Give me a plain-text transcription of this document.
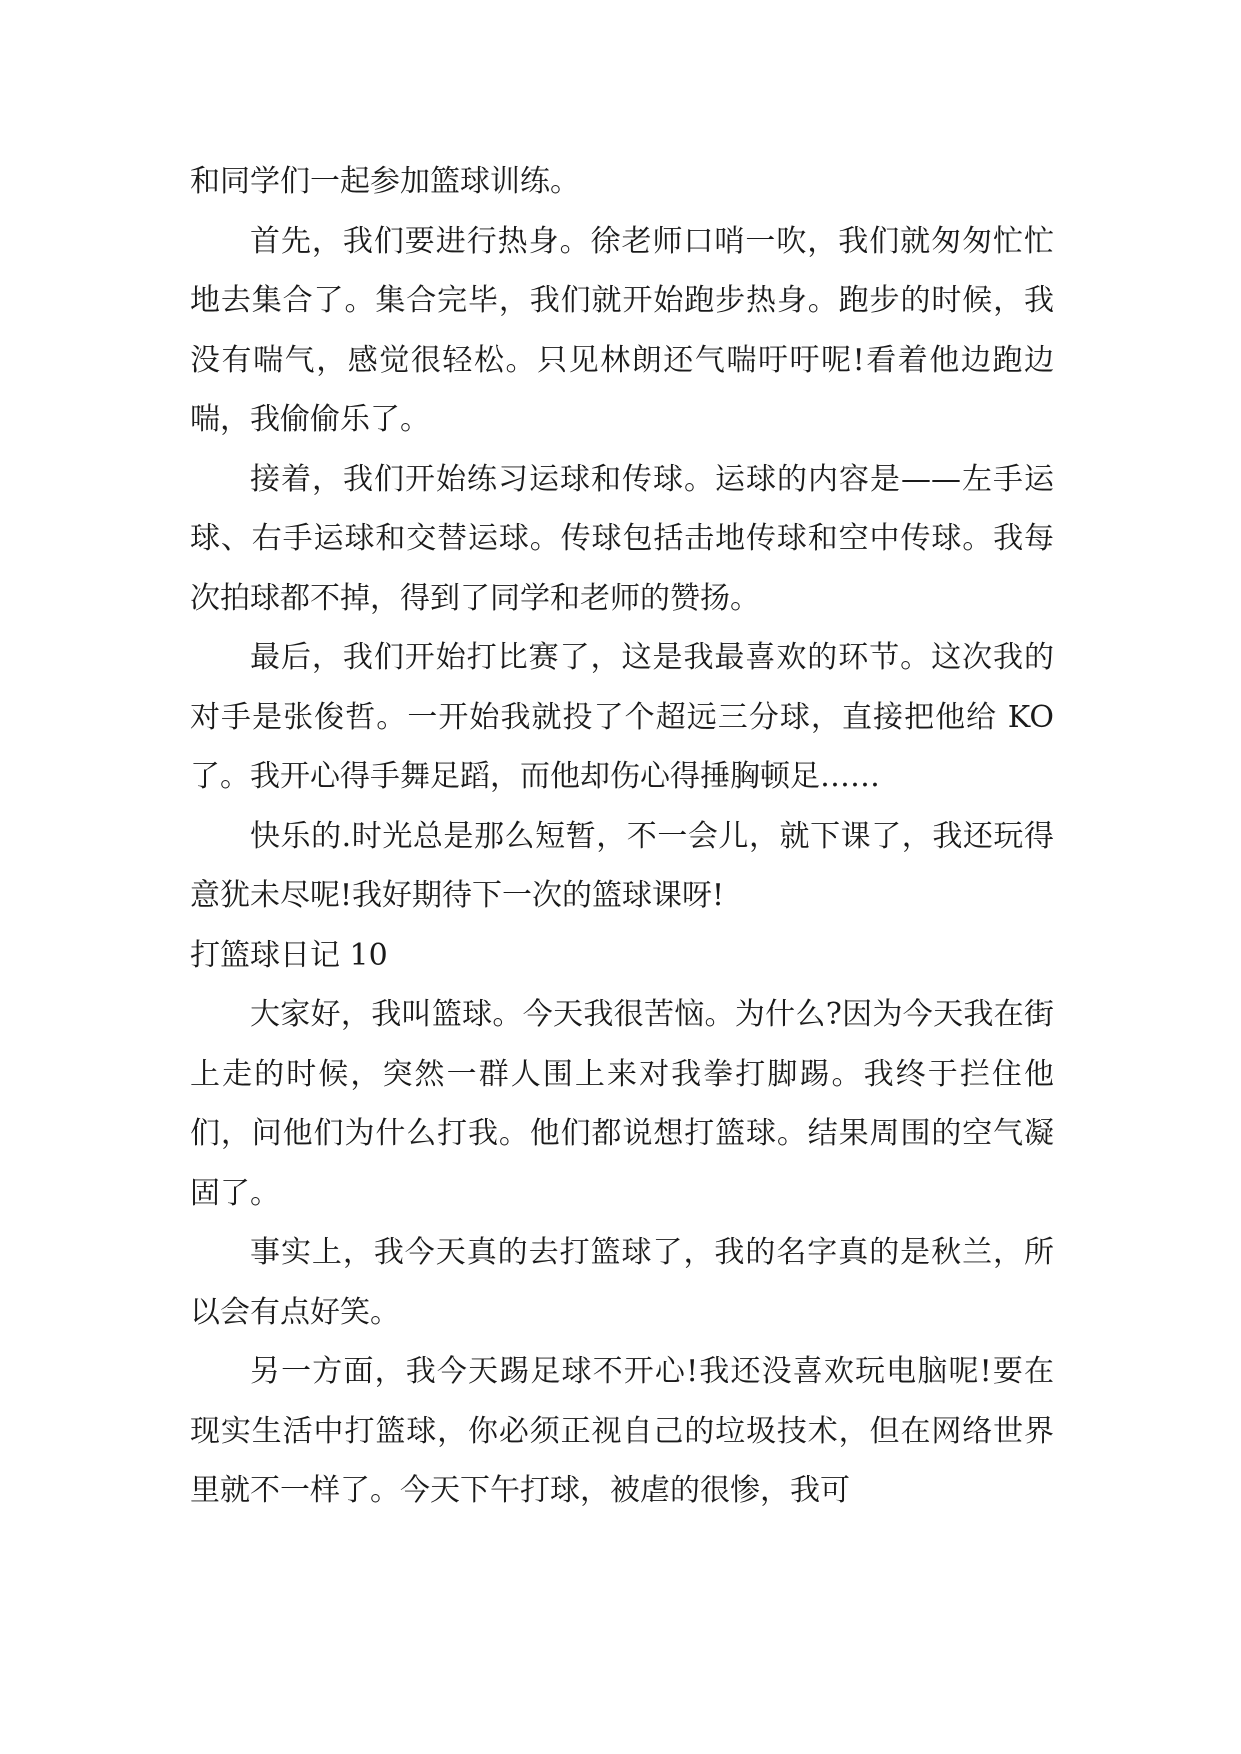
和同学们一起参加篮球训练。

首先，我们要进行热身。徐老师口哨一吹，我们就匆匆忙忙地去集合了。集合完毕，我们就开始跑步热身。跑步的时候，我没有喘气，感觉很轻松。只见林朗还气喘吁吁呢!看着他边跑边喘，我偷偷乐了。

接着，我们开始练习运球和传球。运球的内容是——左手运球、右手运球和交替运球。传球包括击地传球和空中传球。我每次拍球都不掉，得到了同学和老师的赞扬。

最后，我们开始打比赛了，这是我最喜欢的环节。这次我的对手是张俊哲。一开始我就投了个超远三分球，直接把他给 KO 了。我开心得手舞足蹈，而他却伤心得捶胸顿足……

快乐的.时光总是那么短暂，不一会儿，就下课了，我还玩得意犹未尽呢!我好期待下一次的篮球课呀!

打篮球日记 10

大家好，我叫篮球。今天我很苦恼。为什么?因为今天我在街上走的时候，突然一群人围上来对我拳打脚踢。我终于拦住他们，问他们为什么打我。他们都说想打篮球。结果周围的空气凝固了。

事实上，我今天真的去打篮球了，我的名字真的是秋兰，所以会有点好笑。

另一方面，我今天踢足球不开心!我还没喜欢玩电脑呢!要在现实生活中打篮球，你必须正视自己的垃圾技术，但在网络世界里就不一样了。今天下午打球，被虐的很惨，我可
